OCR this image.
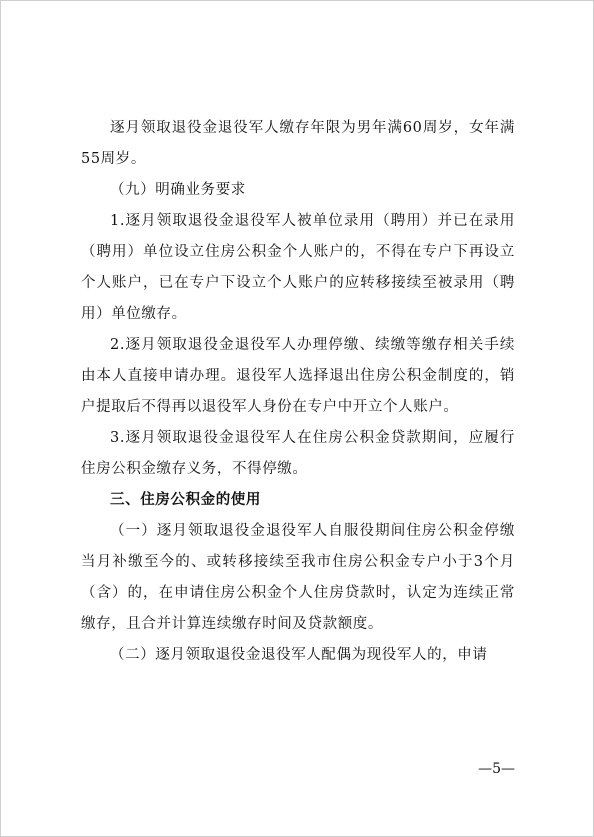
逐月领取退役金退役军人缴存年限为男年满60周岁，女年满55周岁。

（九）明确业务要求

1.逐月领取退役金退役军人被单位录用（聘用）并已在录用（聘用）单位设立住房公积金个人账户的，不得在专户下再设立个人账户，已在专户下设立个人账户的应转移接续至被录用（聘用）单位缴存。

2.逐月领取退役金退役军人办理停缴、续缴等缴存相关手续由本人直接申请办理。退役军人选择退出住房公积金制度的，销户提取后不得再以退役军人身份在专户中开立个人账户。

3.逐月领取退役金退役军人在住房公积金贷款期间，应履行住房公积金缴存义务，不得停缴。

三、住房公积金的使用

（一）逐月领取退役金退役军人自服役期间住房公积金停缴当月补缴至今的、或转移接续至我市住房公积金专户小于3个月（含）的，在申请住房公积金个人住房贷款时，认定为连续正常缴存，且合并计算连续缴存时间及贷款额度。

（二）逐月领取退役金退役军人配偶为现役军人的，申请

—5—
